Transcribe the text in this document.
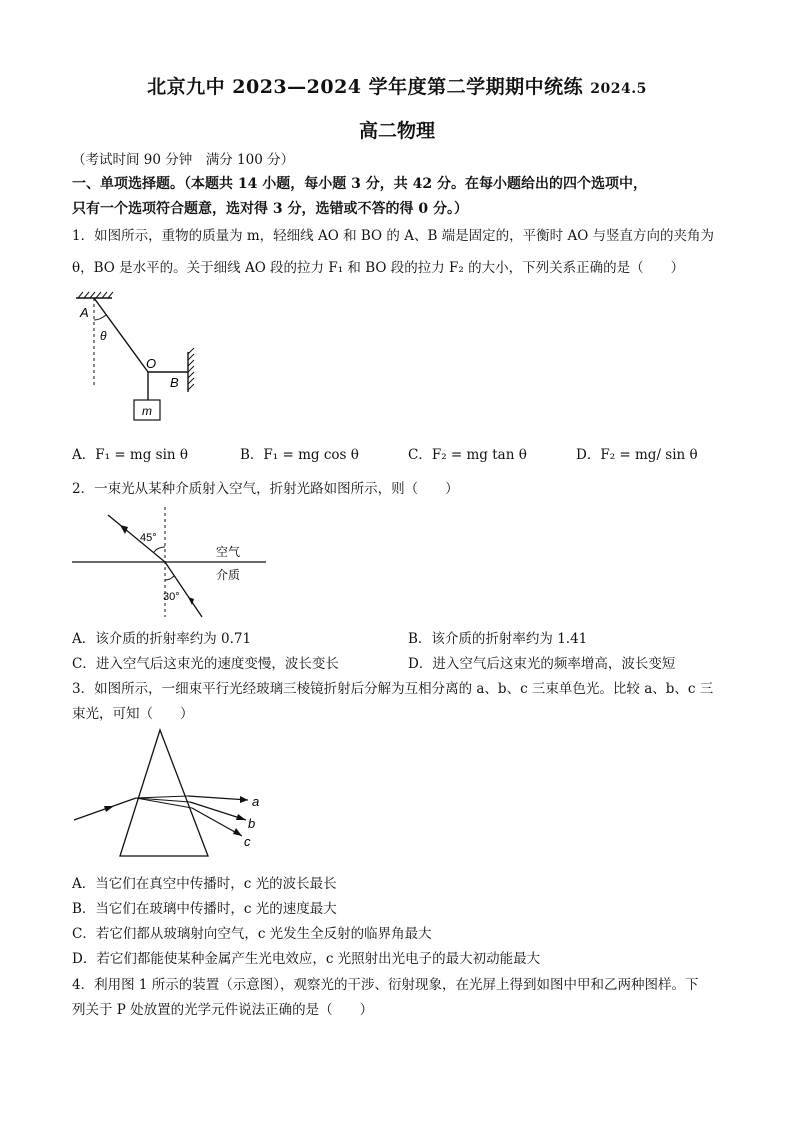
北京九中 2023—2024 学年度第二学期期中统练 2024.5
高二物理
（考试时间 90 分钟　满分 100 分）
一、单项选择题。（本题共 14 小题，每小题 3 分，共 42 分。在每小题给出的四个选项中，
只有一个选项符合题意，选对得 3 分，选错或不答的得 0 分。）
1．如图所示，重物的质量为 m，轻细线 AO 和 BO 的 A、B 端是固定的，平衡时 AO 与竖直方向的夹角为
θ，BO 是水平的。关于细线 AO 段的拉力 F₁ 和 BO 段的拉力 F₂ 的大小，下列关系正确的是（　　）
A
θ
O
B
m
A．F₁ = mg sin θ	B．F₁ = mg cos θ	C．F₂ = mg tan θ	D．F₂ = mg/ sin θ
2．一束光从某种介质射入空气，折射光路如图所示，则（　　）
45°
30°
空气
介质
A．该介质的折射率约为 0.71	B．该介质的折射率约为 1.41
C．进入空气后这束光的速度变慢，波长变长	D．进入空气后这束光的频率增高，波长变短
3．如图所示，一细束平行光经玻璃三棱镜折射后分解为互相分离的 a、b、c 三束单色光。比较 a、b、c 三
束光，可知（　　）
a
b
c
A．当它们在真空中传播时，c 光的波长最长
B．当它们在玻璃中传播时，c 光的速度最大
C．若它们都从玻璃射向空气，c 光发生全反射的临界角最大
D．若它们都能使某种金属产生光电效应，c 光照射出光电子的最大初动能最大
4．利用图 1 所示的装置（示意图），观察光的干涉、衍射现象，在光屏上得到如图中甲和乙两种图样。下
列关于 P 处放置的光学元件说法正确的是（　　）
